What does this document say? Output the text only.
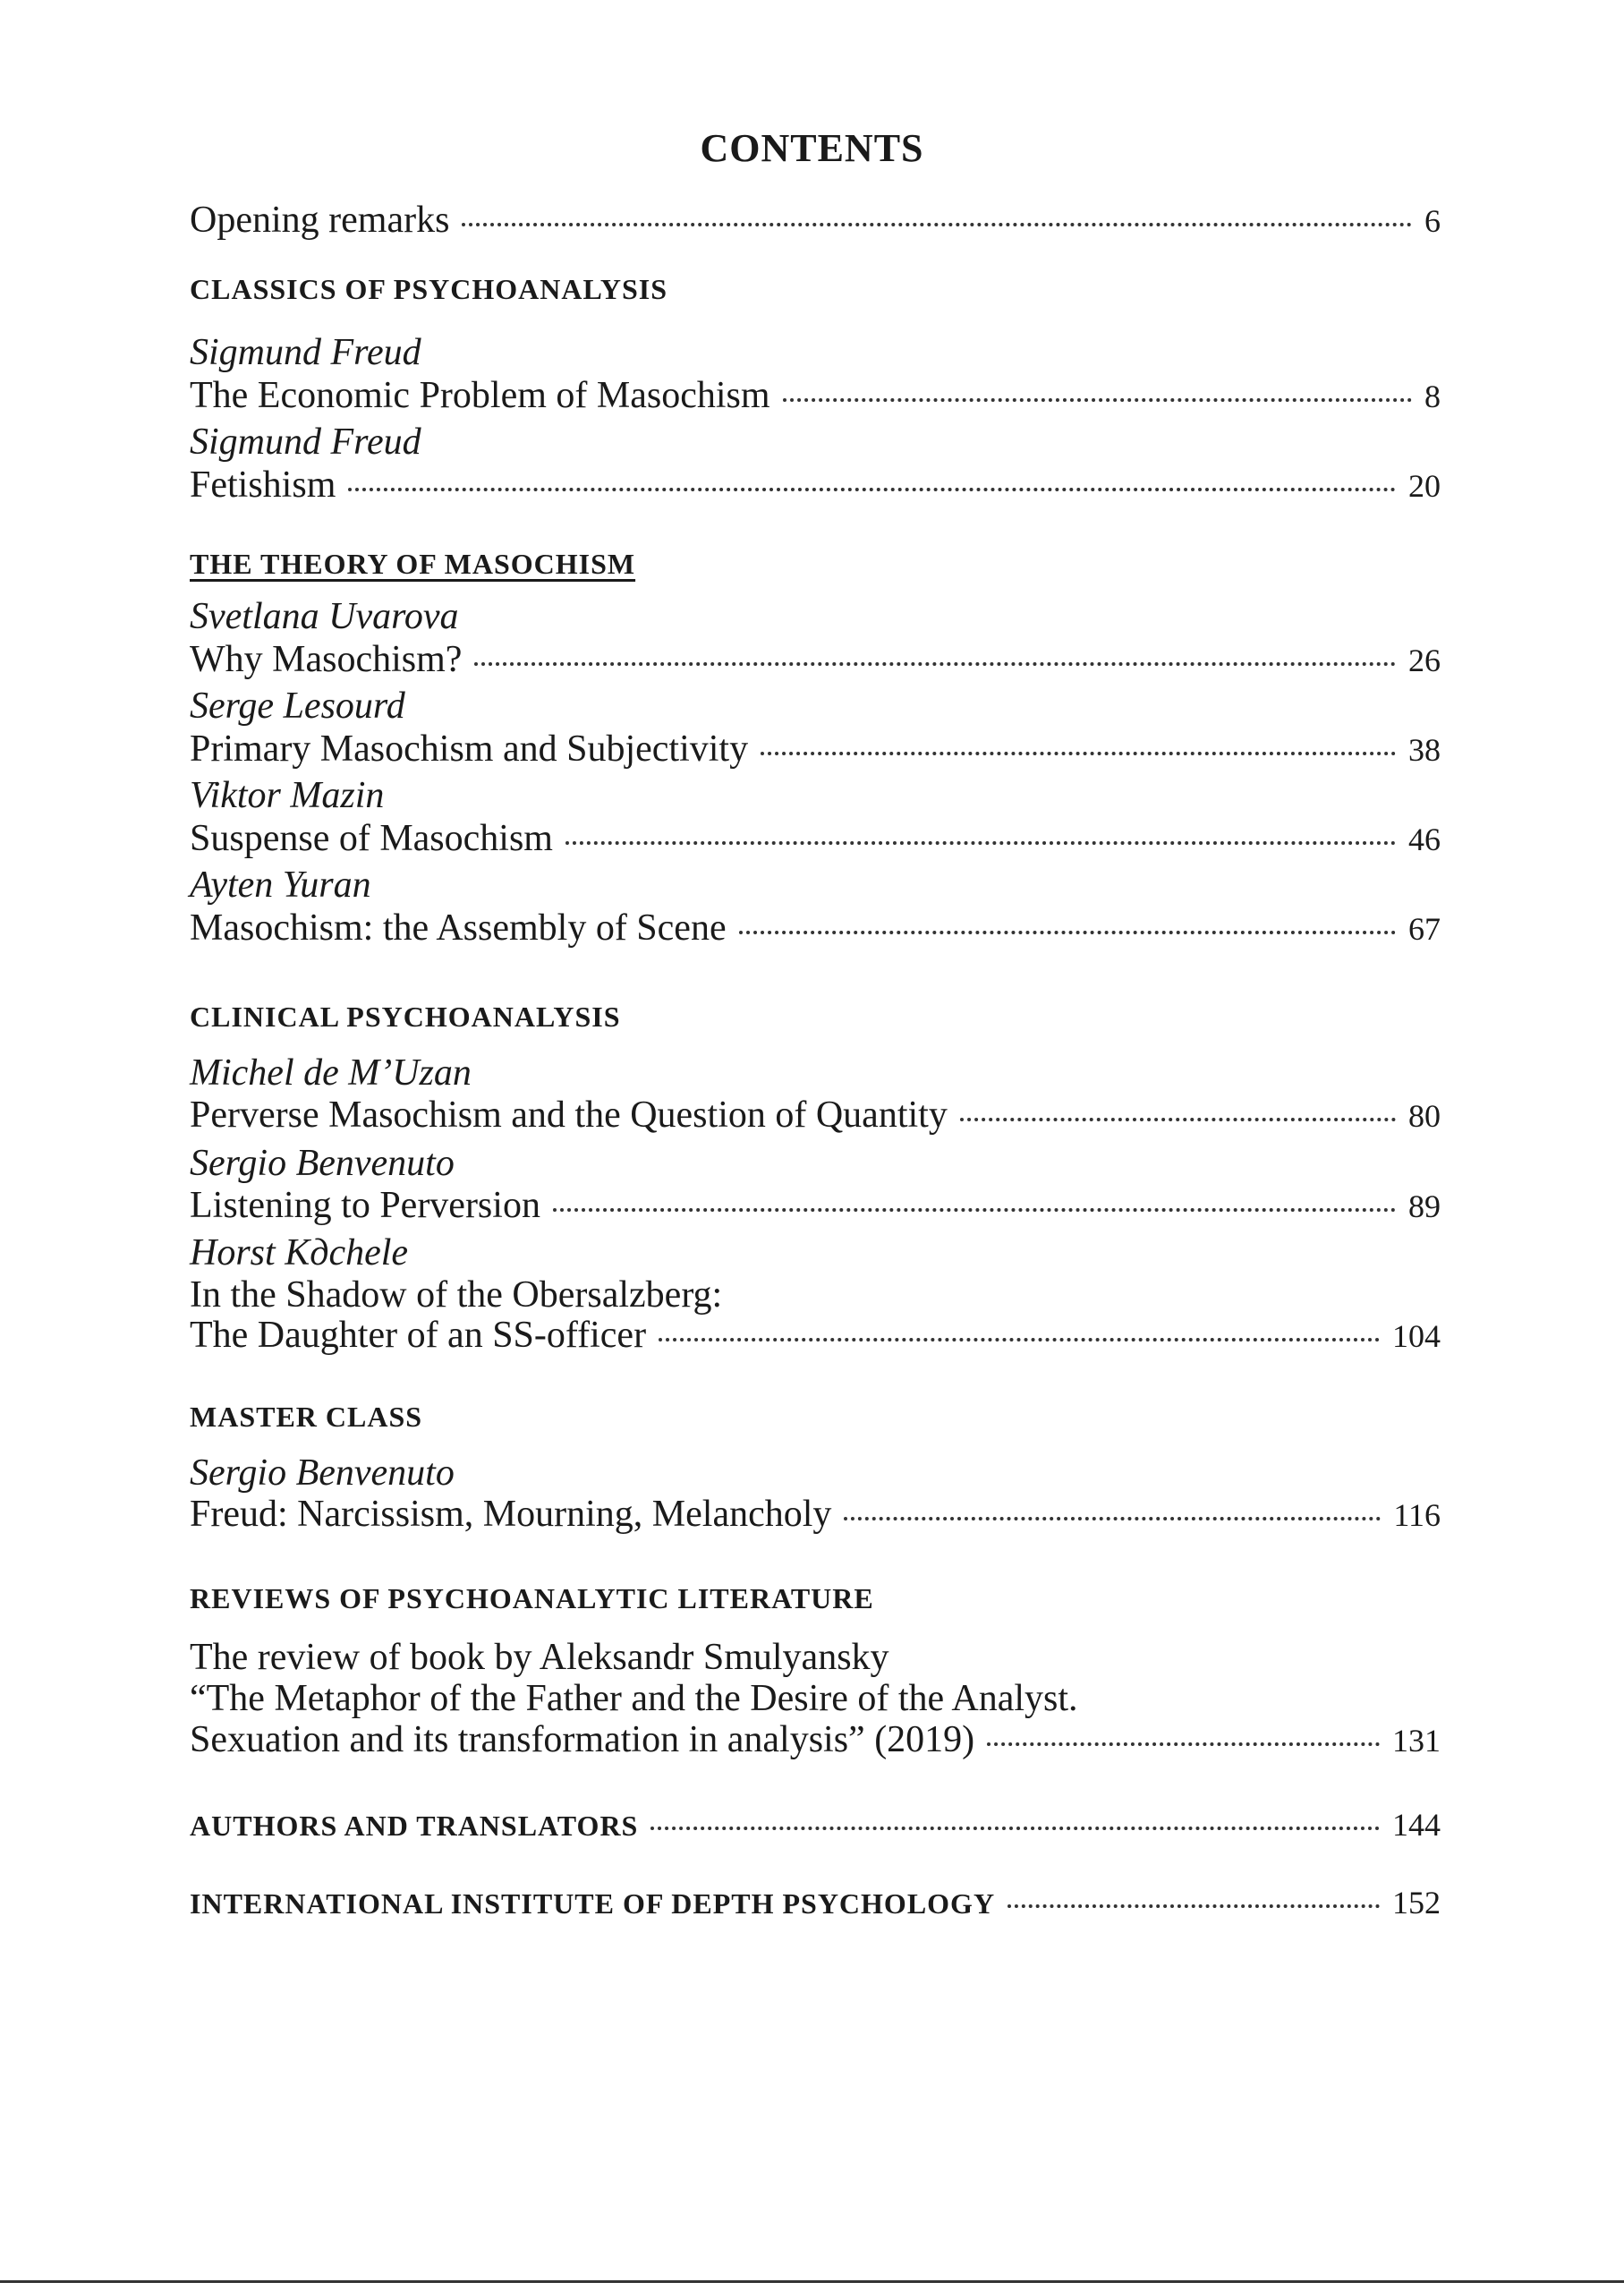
CONTENTS
Opening remarks	6
CLASSICS OF PSYCHOANALYSIS
Sigmund Freud
The Economic Problem of Masochism	8
Sigmund Freud
Fetishism	20
THE THEORY OF MASOCHISM
Svetlana Uvarova
Why Masochism?	26
Serge Lesourd
Primary Masochism and Subjectivity	38
Viktor Mazin
Suspense of Masochism	46
Ayten Yuran
Masochism: the Assembly of Scene	67
CLINICAL PSYCHOANALYSIS
Michel de M’Uzan
Perverse Masochism and the Question of Quantity	80
Sergio Benvenuto
Listening to Perversion	89
Horst Kдchele
In the Shadow of the Obersalzberg:
The Daughter of an SS-officer	104
MASTER CLASS
Sergio Benvenuto
Freud: Narcissism, Mourning, Melancholy	116
REVIEWS OF PSYCHOANALYTIC LITERATURE
The review of book by Aleksandr Smulyansky
“The Metaphor of the Father and the Desire of the Analyst.
Sexuation and its transformation in analysis” (2019)	131
AUTHORS AND TRANSLATORS	144
INTERNATIONAL INSTITUTE OF DEPTH PSYCHOLOGY	152
